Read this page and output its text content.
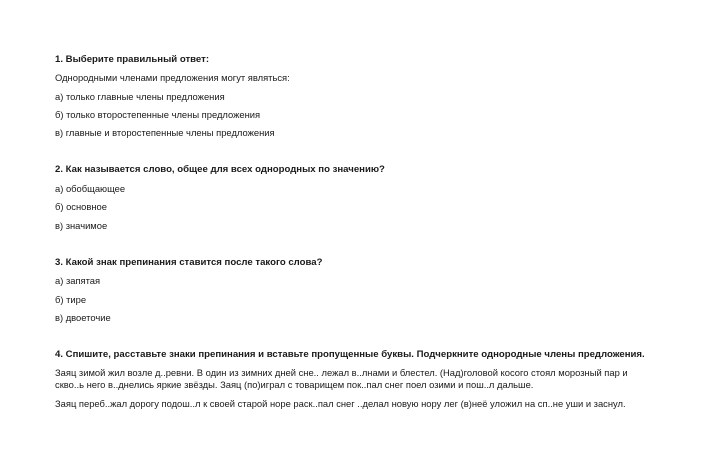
1. Выберите правильный ответ:
Однородными членами предложения могут являться:
а) только главные члены предложения
б) только второстепенные члены предложения
в) главные и второстепенные члены предложения
2. Как называется слово, общее для всех однородных по значению?
а) обобщающее
б) основное
в) значимое
3. Какой знак препинания ставится после такого слова?
а) запятая
б) тире
в) двоеточие
4. Спишите, расставьте знаки препинания и вставьте пропущенные буквы. Подчеркните однородные члены предложения.
Заяц зимой жил возле д..ревни. В один из зимних дней сне.. лежал в..лнами и блестел. (Над)головой косого стоял морозный пар и
скво..ь него в..днелись яркие звёзды. Заяц (по)играл с товарищем пок..пал снег поел озими и пош..л дальше.
Заяц переб..жал дорогу подош..л к своей старой норе раск..пал снег ..делал новую нору лег (в)неё уложил на сп..не уши и заснул.
